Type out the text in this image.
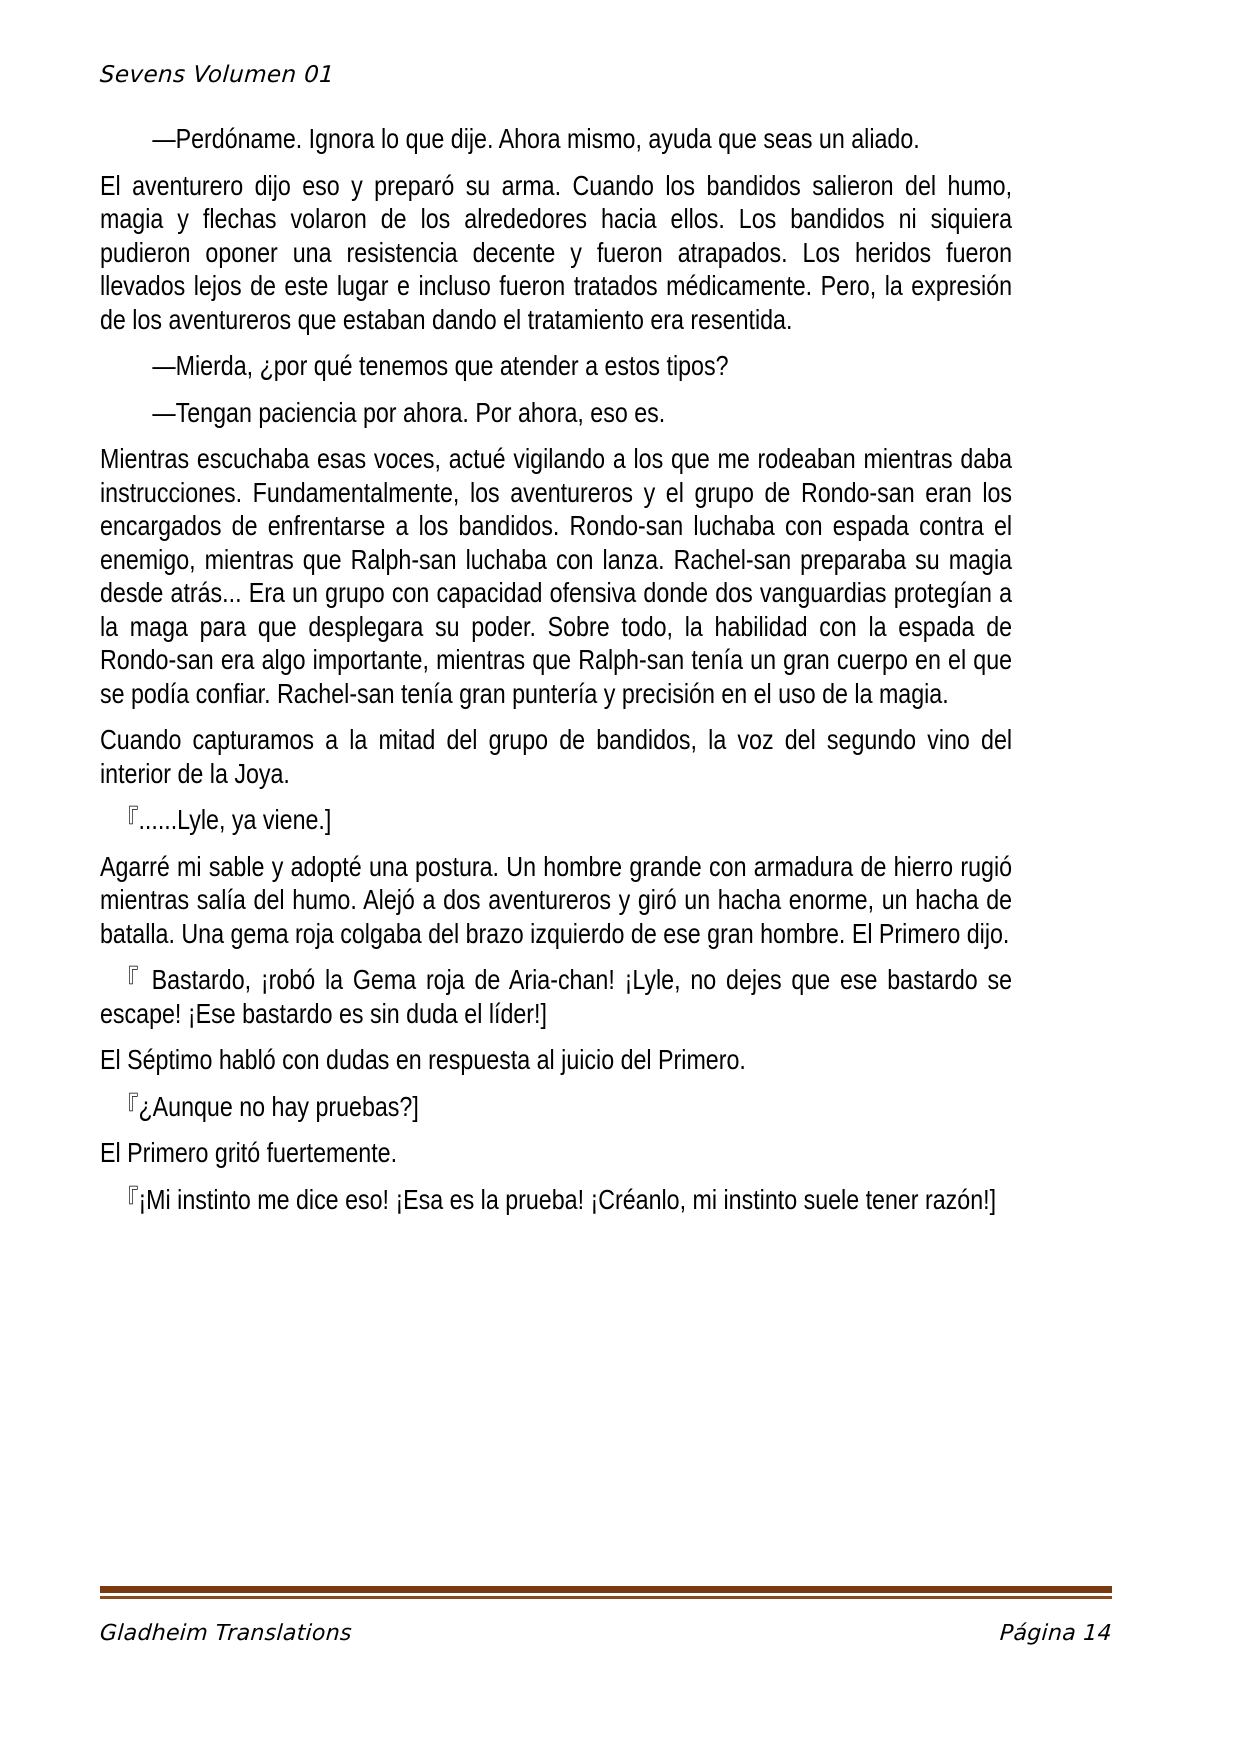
Sevens Volumen 01

—Perdóname. Ignora lo que dije. Ahora mismo, ayuda que seas un aliado.

El aventurero dijo eso y preparó su arma. Cuando los bandidos salieron del humo, magia y flechas volaron de los alrededores hacia ellos. Los bandidos ni siquiera pudieron oponer una resistencia decente y fueron atrapados. Los heridos fueron llevados lejos de este lugar e incluso fueron tratados médicamente. Pero, la expresión de los aventureros que estaban dando el tratamiento era resentida.

—Mierda, ¿por qué tenemos que atender a estos tipos?

—Tengan paciencia por ahora. Por ahora, eso es.

Mientras escuchaba esas voces, actué vigilando a los que me rodeaban mientras daba instrucciones. Fundamentalmente, los aventureros y el grupo de Rondo-san eran los encargados de enfrentarse a los bandidos. Rondo-san luchaba con espada contra el enemigo, mientras que Ralph-san luchaba con lanza. Rachel-san preparaba su magia desde atrás... Era un grupo con capacidad ofensiva donde dos vanguardias protegían a la maga para que desplegara su poder. Sobre todo, la habilidad con la espada de Rondo-san era algo importante, mientras que Ralph-san tenía un gran cuerpo en el que se podía confiar. Rachel-san tenía gran puntería y precisión en el uso de la magia.

Cuando capturamos a la mitad del grupo de bandidos, la voz del segundo vino del interior de la Joya.

『......Lyle, ya viene.]

Agarré mi sable y adopté una postura. Un hombre grande con armadura de hierro rugió mientras salía del humo. Alejó a dos aventureros y giró un hacha enorme, un hacha de batalla. Una gema roja colgaba del brazo izquierdo de ese gran hombre. El Primero dijo.

『 Bastardo, ¡robó la Gema roja de Aria-chan! ¡Lyle, no dejes que ese bastardo se escape! ¡Ese bastardo es sin duda el líder!]

El Séptimo habló con dudas en respuesta al juicio del Primero.

『¿Aunque no hay pruebas?]

El Primero gritó fuertemente.

『¡Mi instinto me dice eso! ¡Esa es la prueba! ¡Créanlo, mi instinto suele tener razón!]

Gladheim Translations	Página 14
